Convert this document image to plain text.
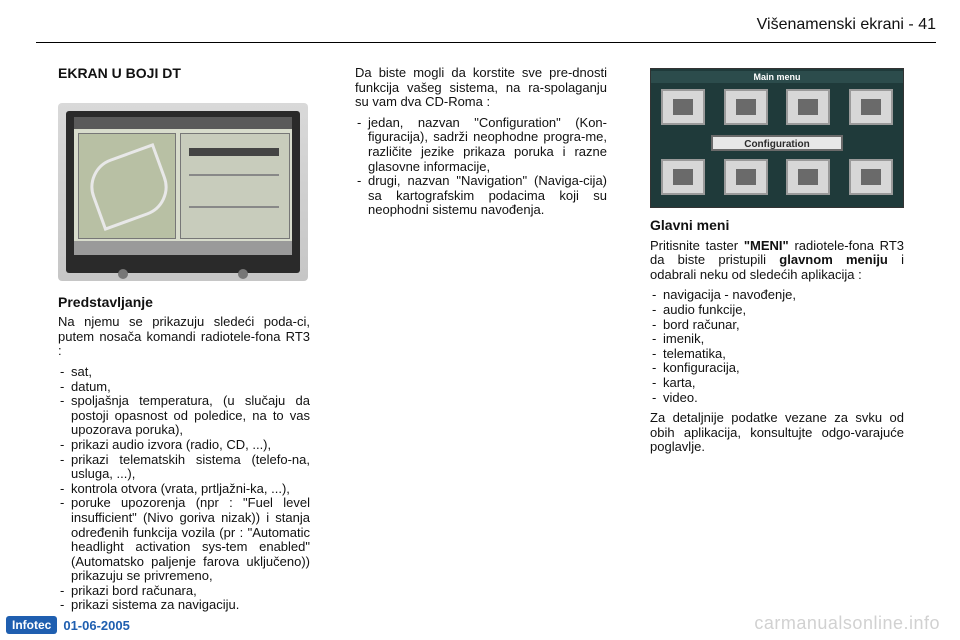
Višenamenski ekrani - 41
EKRAN U BOJI DT
Predstavljanje

Na njemu se prikazuju sledeći poda-ci, putem nosača komandi radiotele-fona RT3 :

- sat,
- datum,
- spoljašnja temperatura, (u slučaju da postoji opasnost od poledice, na to vas upozorava poruka),
- prikazi audio izvora (radio, CD, ...),
- prikazi telematskih sistema (telefo-na, usluga, ...),
- kontrola otvora (vrata, prtljažni-ka, ...),
- poruke upozorenja (npr : "Fuel level insufficient" (Nivo goriva nizak)) i stanja određenih funkcija vozila (pr : "Automatic headlight activation sys-tem enabled" (Automatsko paljenje farova uključeno)) prikazuju se privremeno,
- prikazi bord računara,
- prikazi sistema za navigaciju.

Da biste mogli da korstite sve pre-dnosti funkcija vašeg sistema, na ra-spolaganju su vam dva CD-Roma :

- jedan, nazvan "Configuration" (Kon-figuracija), sadrži neophodne progra-me, različite jezike prikaza poruka i razne glasovne informacije,
- drugi, nazvan "Navigation" (Naviga-cija) sa kartografskim podacima koji su neophodni sistemu navođenja.
Main menu
Configuration
Glavni meni

Pritisnite taster "MENI" radiotele-fona RT3 da biste pristupili glavnom meniju i odabrali neku od sledećih aplikacija :

- navigacija - navođenje,
- audio funkcije,
- bord računar,
- imenik,
- telematika,
- konfiguracija,
- karta,
- video.

Za detaljnije podatke vezane za svku od obih aplikacija, konsultujte odgo-varajuće poglavlje.

Infotec 01-06-2005	carmanualsonline.info
